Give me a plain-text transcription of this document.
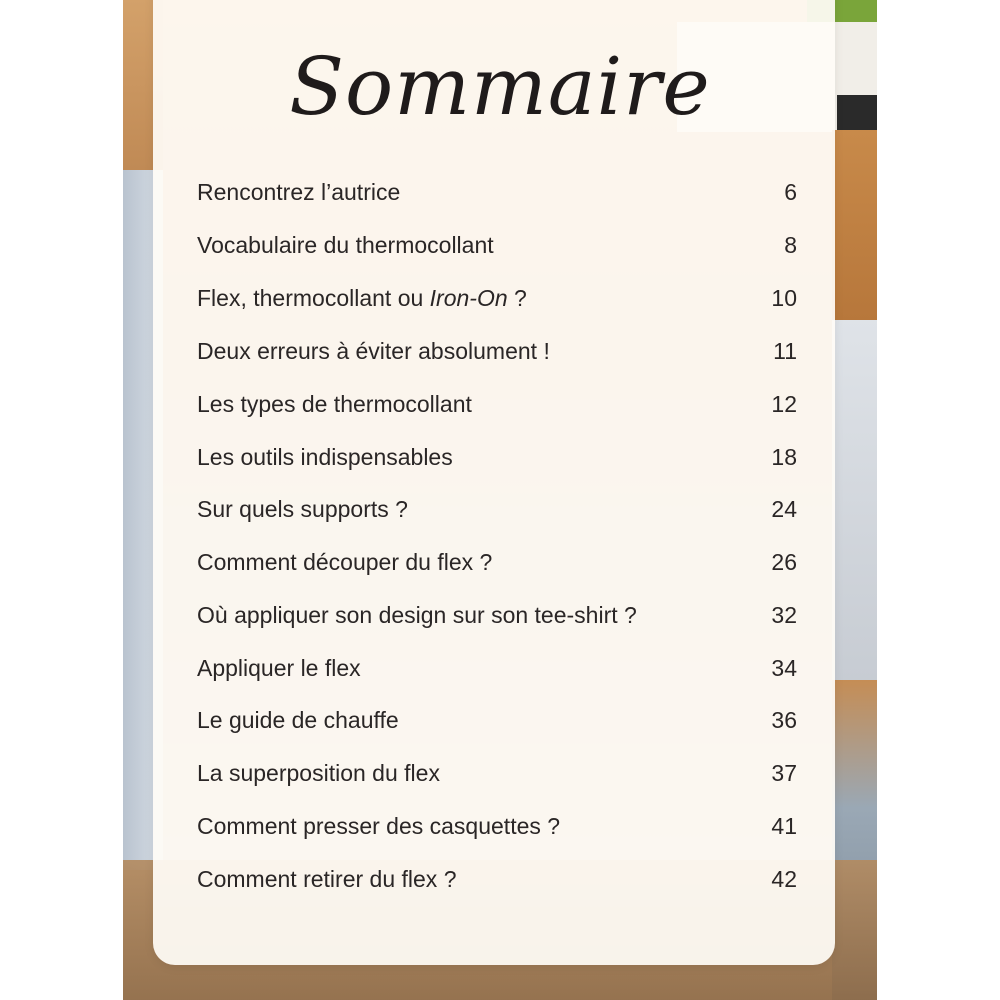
Sommaire
Rencontrez l’autrice	6
Vocabulaire du thermocollant	8
Flex, thermocollant ou Iron-On ?	10
Deux erreurs à éviter absolument !	11
Les types de thermocollant	12
Les outils indispensables	18
Sur quels supports ?	24
Comment découper du flex ?	26
Où appliquer son design sur son tee-shirt ?	32
Appliquer le flex	34
Le guide de chauffe	36
La superposition du flex	37
Comment presser des casquettes ?	41
Comment retirer du flex ?	42
